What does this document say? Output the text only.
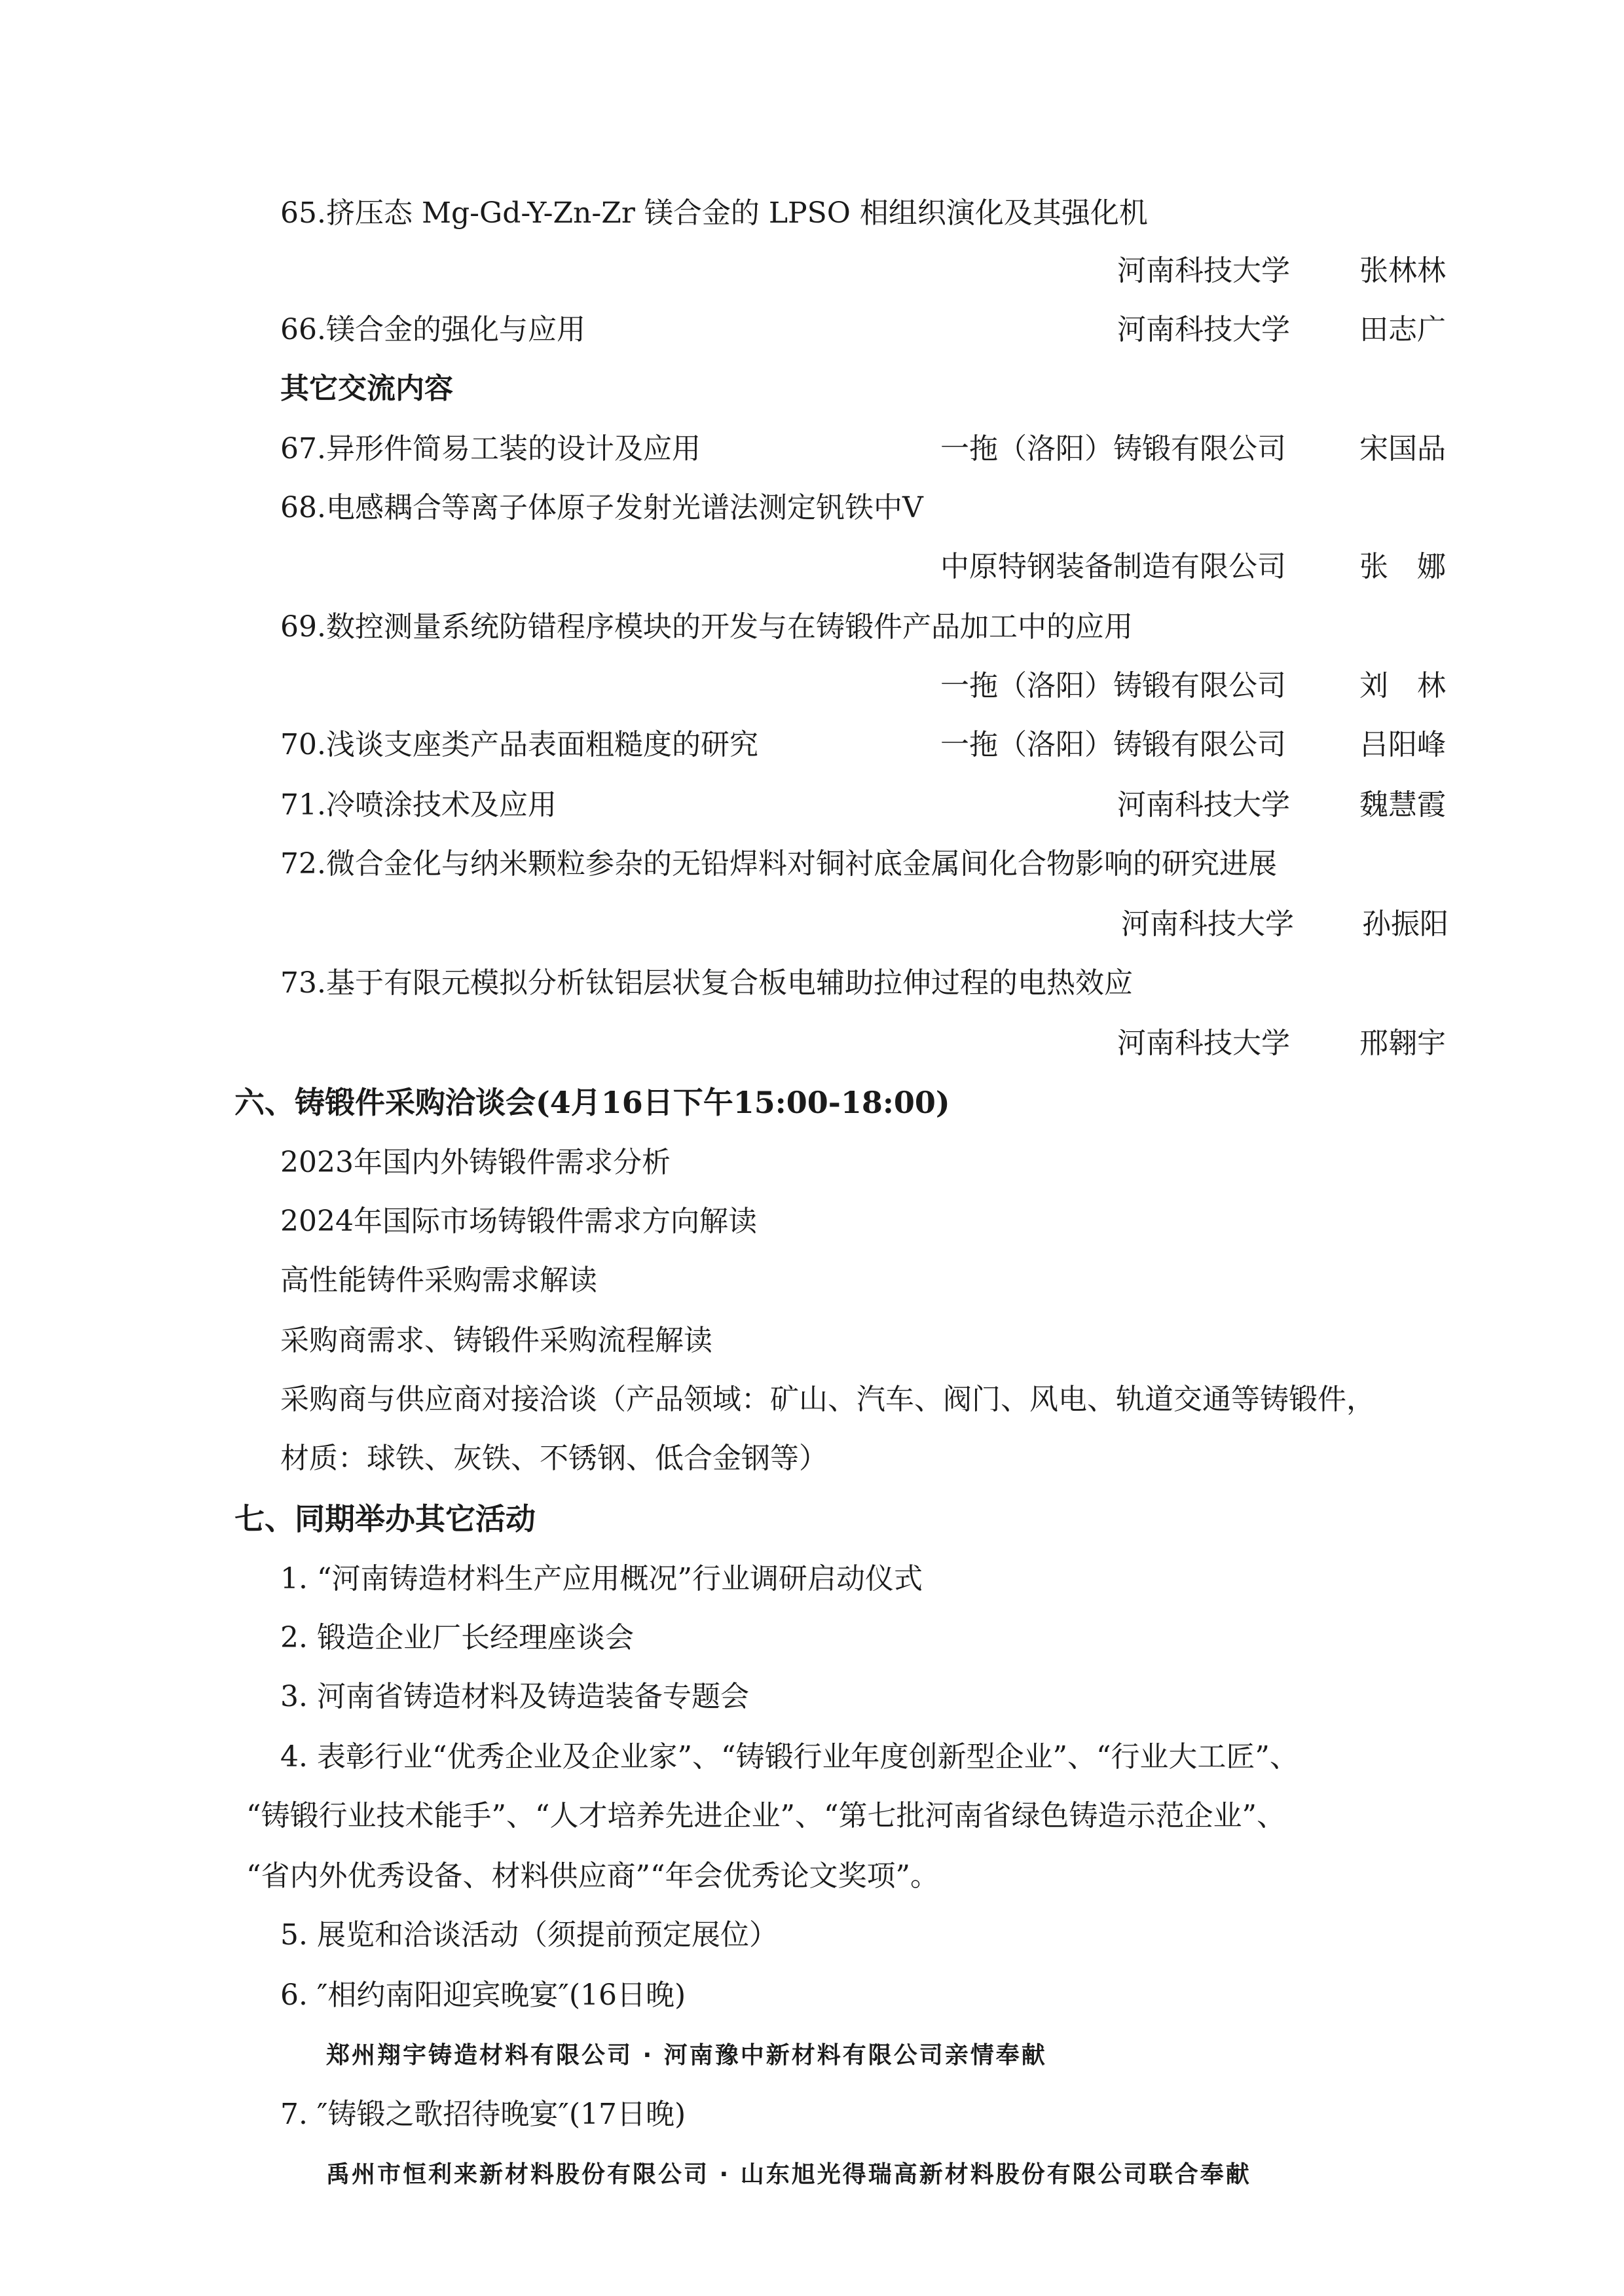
65.挤压态 Mg-Gd-Y-Zn-Zr 镁合金的 LPSO 相组织演化及其强化机
河南科技大学 张林林
66.镁合金的强化与应用	河南科技大学 田志广
其它交流内容
67.异形件简易工装的设计及应用	一拖（洛阳）铸锻有限公司	宋国品
68.电感耦合等离子体原子发射光谱法测定钒铁中V
中原特钢装备制造有限公司	张　娜
69.数控测量系统防错程序模块的开发与在铸锻件产品加工中的应用
一拖（洛阳）铸锻有限公司	刘　林
70.浅谈支座类产品表面粗糙度的研究	一拖（洛阳）铸锻有限公司	吕阳峰
71.冷喷涂技术及应用	河南科技大学 魏慧霞
72.微合金化与纳米颗粒参杂的无铅焊料对铜衬底金属间化合物影响的研究进展
河南科技大学 孙振阳
73.基于有限元模拟分析钛铝层状复合板电辅助拉伸过程的电热效应
河南科技大学 邢翱宇
六、铸锻件采购洽谈会(4月16日下午15:00-18:00)
2023年国内外铸锻件需求分析
2024年国际市场铸锻件需求方向解读
高性能铸件采购需求解读
采购商需求、铸锻件采购流程解读
采购商与供应商对接洽谈（产品领域：矿山、汽车、阀门、风电、轨道交通等铸锻件，
材质：球铁、灰铁、不锈钢、低合金钢等）
七、同期举办其它活动
1. “河南铸造材料生产应用概况”行业调研启动仪式
2. 锻造企业厂长经理座谈会
3. 河南省铸造材料及铸造装备专题会
4. 表彰行业“优秀企业及企业家”、“铸锻行业年度创新型企业”、“行业大工匠”、
“铸锻行业技术能手”、“人才培养先进企业”、“第七批河南省绿色铸造示范企业”、
“省内外优秀设备、材料供应商”“年会优秀论文奖项”。
5. 展览和洽谈活动（须提前预定展位）
6. ″相约南阳迎宾晚宴″(16日晚)
郑州翔宇铸造材料有限公司 · 河南豫中新材料有限公司亲情奉献
7. ″铸锻之歌招待晚宴″(17日晚)
禹州市恒利来新材料股份有限公司 · 山东旭光得瑞高新材料股份有限公司联合奉献
